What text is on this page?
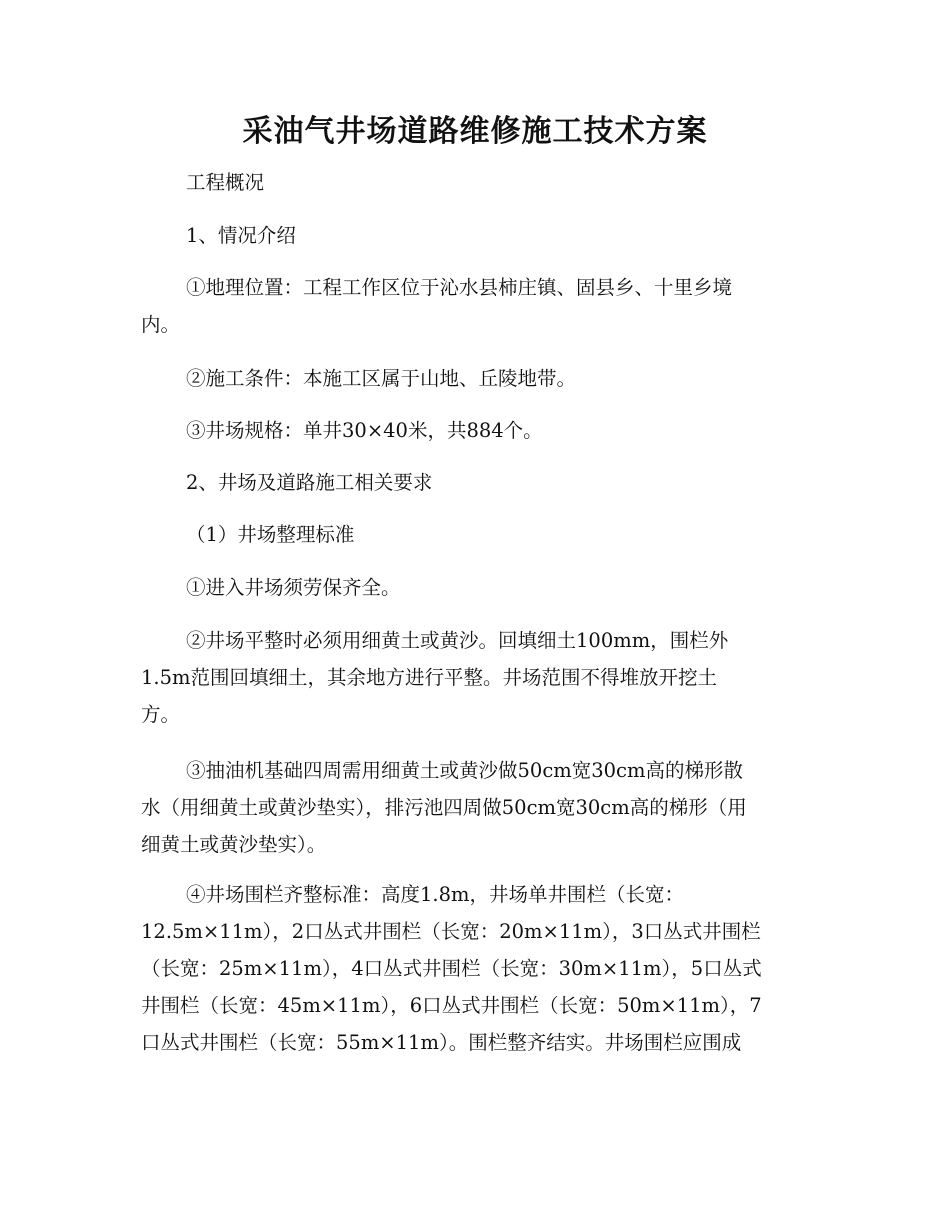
采油气井场道路维修施工技术方案

工程概况

1、情况介绍

①地理位置：工程工作区位于沁水县柿庄镇、固县乡、十里乡境
内。

②施工条件：本施工区属于山地、丘陵地带。

③井场规格：单井30×40米，共884个。

2、井场及道路施工相关要求

（1）井场整理标准

①进入井场须劳保齐全。

②井场平整时必须用细黄土或黄沙。回填细土100mm，围栏外
1.5m范围回填细土，其余地方进行平整。井场范围不得堆放开挖土
方。
③抽油机基础四周需用细黄土或黄沙做50cm宽30cm高的梯形散
水（用细黄土或黄沙垫实），排污池四周做50cm宽30cm高的梯形（用
细黄土或黄沙垫实）。
④井场围栏齐整标准：高度1.8m，井场单井围栏（长宽：
12.5m×11m），2口丛式井围栏（长宽：20m×11m），3口丛式井围栏
（长宽：25m×11m），4口丛式井围栏（长宽：30m×11m），5口丛式
井围栏（长宽：45m×11m），6口丛式井围栏（长宽：50m×11m），7
口丛式井围栏（长宽：55m×11m）。围栏整齐结实。井场围栏应围成
